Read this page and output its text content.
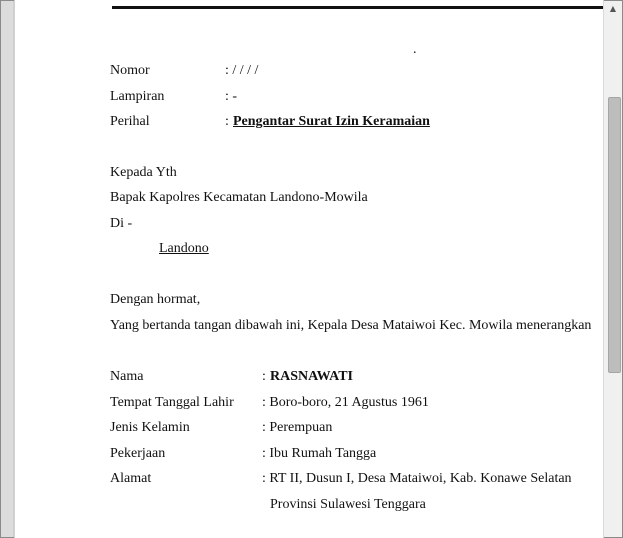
.
Nomor	: / / / /
Lampiran	: -
Perihal	: Pengantar Surat Izin Keramaian
Kepada Yth
Bapak Kapolres Kecamatan Landono-Mowila
Di -
Landono
Dengan hormat,
Yang bertanda tangan dibawah ini, Kepala Desa Mataiwoi Kec. Mowila menerangkan
Nama	: RASNAWATI
Tempat Tanggal Lahir : Boro-boro, 21 Agustus 1961
Jenis Kelamin	: Perempuan
Pekerjaan	: Ibu Rumah Tangga
Alamat	: RT II, Dusun I, Desa Mataiwoi, Kab. Konawe Selatan
Provinsi Sulawesi Tenggara
▲
